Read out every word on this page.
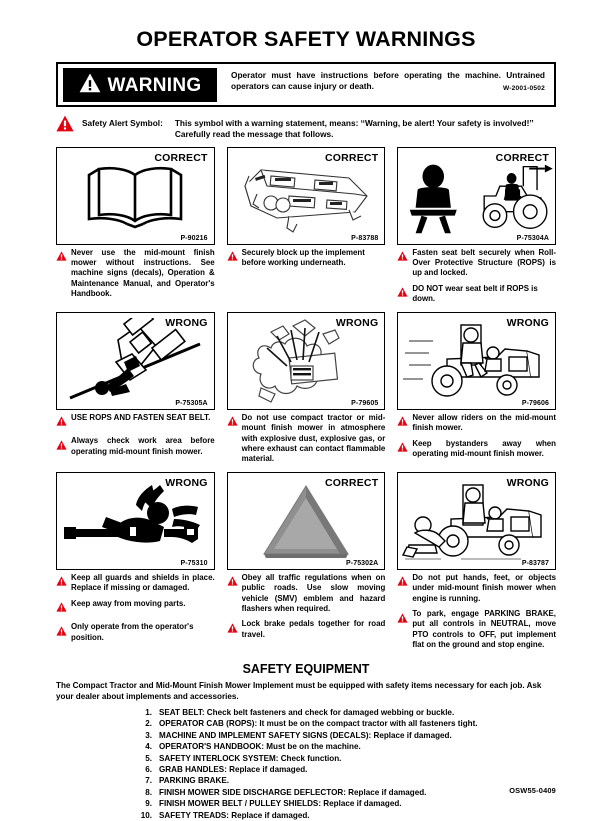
OPERATOR SAFETY WARNINGS
WARNING	Operator must have instructions before operating the machine. Untrained operators can cause injury or death.	W-2001-0502
Safety Alert Symbol:	This symbol with a warning statement, means: ‘‘Warning, be alert! Your safety is involved!’’ Carefully read the message that follows.
CORRECT
P-90216
Never use the mid-mount finish mower without instructions. See machine signs (decals), Operation & Maintenance Manual, and Operator's Handbook.
CORRECT
P-83788
Securely block up the implement before working underneath.
CORRECT
P-75304A
Fasten seat belt securely when Roll-Over Protective Structure (ROPS) is up and locked.
DO NOT wear seat belt if ROPS is down.
WRONG
P-75305A
USE ROPS AND FASTEN SEAT BELT.
Always check work area before operating mid-mount finish mower.
WRONG
P-79605
Do not use compact tractor or mid-mount finish mower in atmosphere with explosive dust, explosive gas, or where exhaust can contact flammable material.
WRONG
P-79606
Never allow riders on the mid-mount finish mower.
Keep bystanders away when operating mid-mount finish mower.
WRONG
P-75310
Keep all guards and shields in place. Replace if missing or damaged.
Keep away from moving parts.
Only operate from the operator's position.
CORRECT
P-75302A
Obey all traffic regulations when on public roads. Use slow moving vehicle (SMV) emblem and hazard flashers when required.
Lock brake pedals together for road travel.
WRONG
P-83787
Do not put hands, feet, or objects under mid-mount finish mower when engine is running.
To park, engage PARKING BRAKE, put all controls in NEUTRAL, move PTO controls to OFF, put implement flat on the ground and stop engine.
SAFETY EQUIPMENT
The Compact Tractor and Mid-Mount Finish Mower Implement must be equipped with safety items necessary for each job. Ask your dealer about implements and accessories.
1. SEAT BELT: Check belt fasteners and check for damaged webbing or buckle.
2. OPERATOR CAB (ROPS): It must be on the compact tractor with all fasteners tight.
3. MACHINE AND IMPLEMENT SAFETY SIGNS (DECALS): Replace if damaged.
4. OPERATOR'S HANDBOOK: Must be on the machine.
5. SAFETY INTERLOCK SYSTEM: Check function.
6. GRAB HANDLES: Replace if damaged.
7. PARKING BRAKE.
8. FINISH MOWER SIDE DISCHARGE DEFLECTOR: Replace if damaged.
9. FINISH MOWER BELT / PULLEY SHIELDS: Replace if damaged.
10. SAFETY TREADS: Replace if damaged.
OSW55-0409
